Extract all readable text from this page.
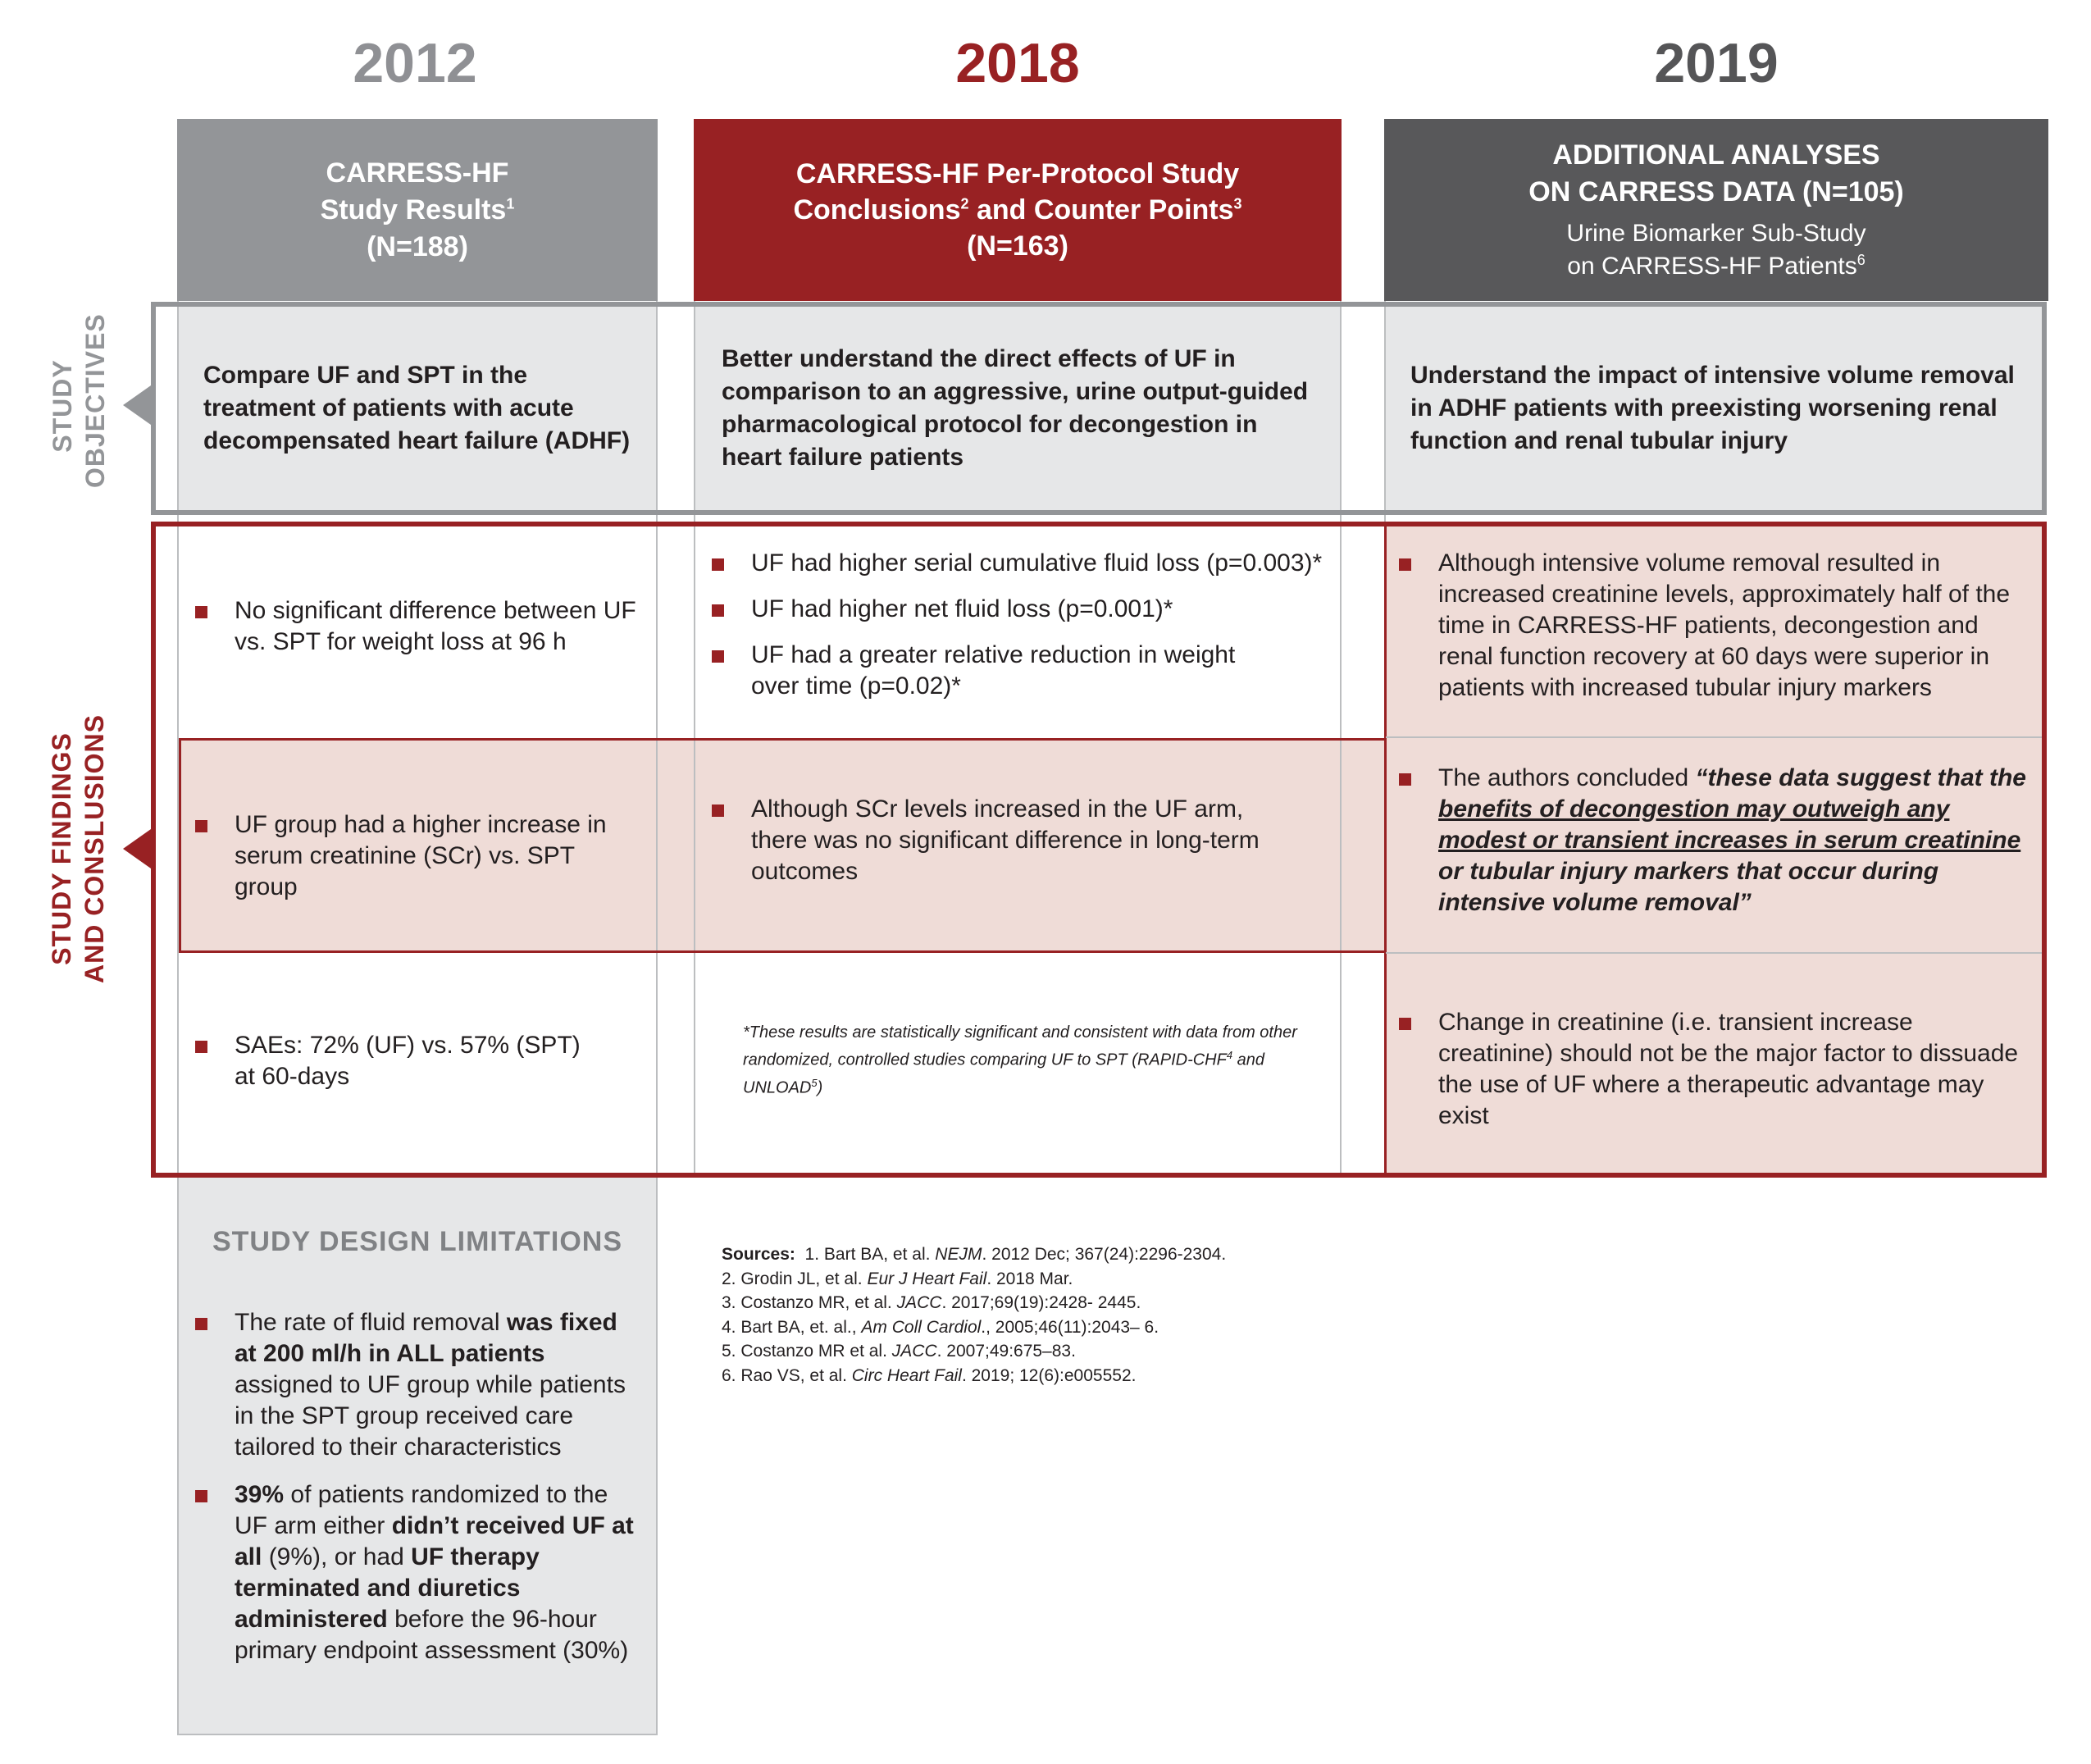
2012	2018	2019
CARRESS-HF
Study Results$^1$
(N=188)
CARRESS-HF Per-Protocol Study
Conclusions$^2$ and Counter Points$^3$
(N=163)
ADDITIONAL ANALYSES
ON CARRESS DATA (N=105)
Urine Biomarker Sub-Study
on CARRESS-HF Patients$^6$
Compare UF and SPT in the treatment of patients with acute decompensated heart failure (ADHF)
Better understand the direct effects of UF in comparison to an aggressive, urine output-guided pharmacological protocol for decongestion in heart failure patients
Understand the impact of intensive volume removal in ADHF patients with preexisting worsening renal function and renal tubular injury
STUDY OBJECTIVES
STUDY FINDINGS AND CONSLUSIONS
No significant difference between UF vs. SPT for weight loss at 96 h
UF had higher serial cumulative fluid loss (p=0.003)*
UF had higher net fluid loss (p=0.001)*
UF had a greater relative reduction in weight over time (p=0.02)*
Although intensive volume removal resulted in increased creatinine levels, approximately half of the time in CARRESS-HF patients, decongestion and renal function recovery at 60 days were superior in patients with increased tubular injury markers
UF group had a higher increase in serum creatinine (SCr) vs. SPT group
Although SCr levels increased in the UF arm, there was no significant difference in long-term outcomes
The authors concluded “these data suggest that the benefits of decongestion may outweigh any modest or transient increases in serum creatinine or tubular injury markers that occur during intensive volume removal”
SAEs: 72% (UF) vs. 57% (SPT) at 60-days
*These results are statistically significant and consistent with data from other randomized, controlled studies comparing UF to SPT (RAPID-CHF$^4$ and UNLOAD$^5$)
Change in creatinine (i.e. transient increase creatinine) should not be the major factor to dissuade the use of UF where a therapeutic advantage may exist
STUDY DESIGN LIMITATIONS
The rate of fluid removal was fixed at 200 ml/h in ALL patients assigned to UF group while patients in the SPT group received care tailored to their characteristics
39% of patients randomized to the UF arm either didn’t received UF at all (9%), or had UF therapy terminated and diuretics administered before the 96-hour primary endpoint assessment (30%)
Sources: 1. Bart BA, et al. NEJM. 2012 Dec; 367(24):2296-2304.
2. Grodin JL, et al. Eur J Heart Fail. 2018 Mar.
3. Costanzo MR, et al. JACC. 2017;69(19):2428- 2445.
4. Bart BA, et. al., Am Coll Cardiol., 2005;46(11):2043– 6.
5. Costanzo MR et al. JACC. 2007;49:675–83.
6. Rao VS, et al. Circ Heart Fail. 2019; 12(6):e005552.
